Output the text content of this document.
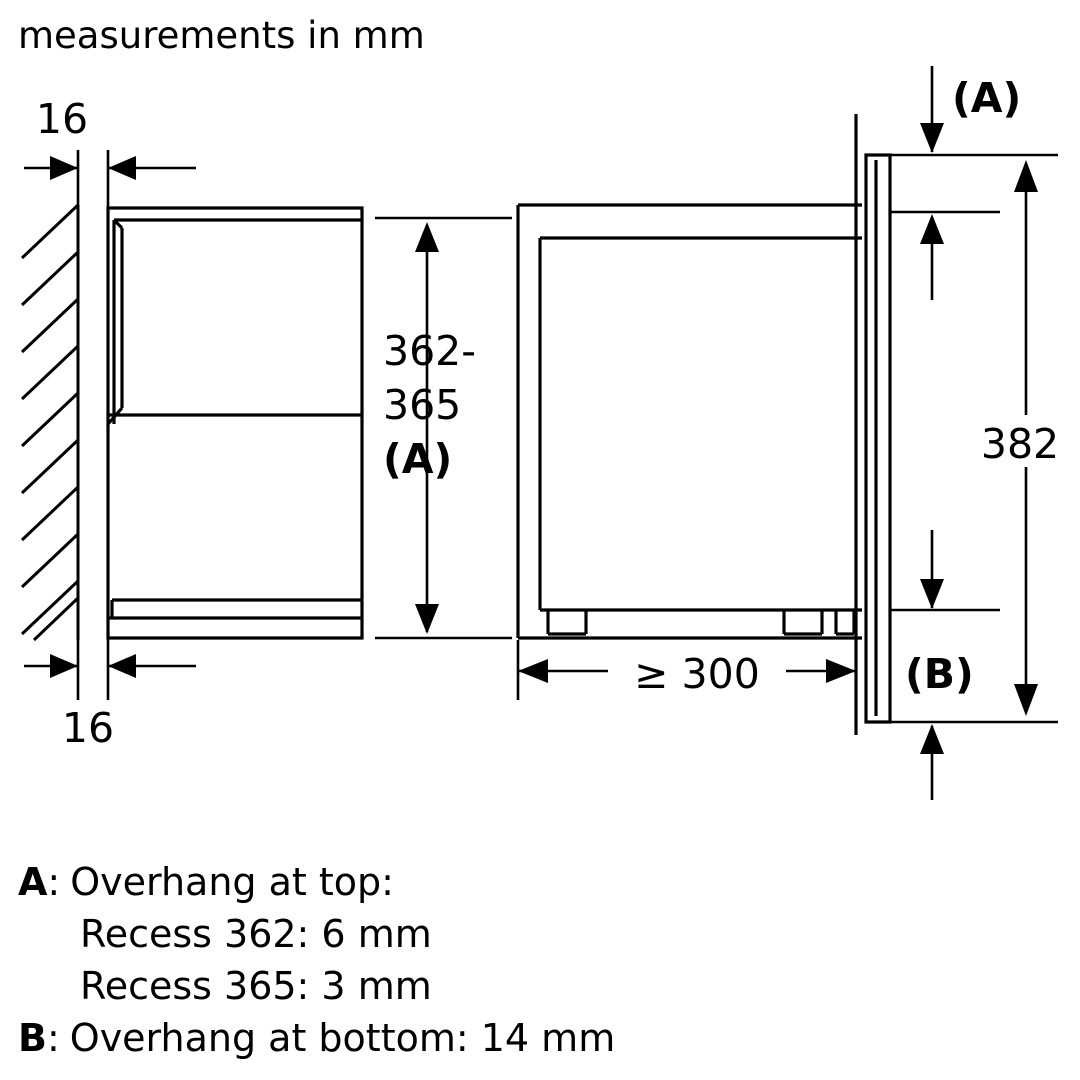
measurements in mm
16
16
362-
365
(A)
≥ 300
(A)
(B)
382
A: Overhang at top:
Recess 362: 6 mm
Recess 365: 3 mm
B: Overhang at bottom: 14 mm
